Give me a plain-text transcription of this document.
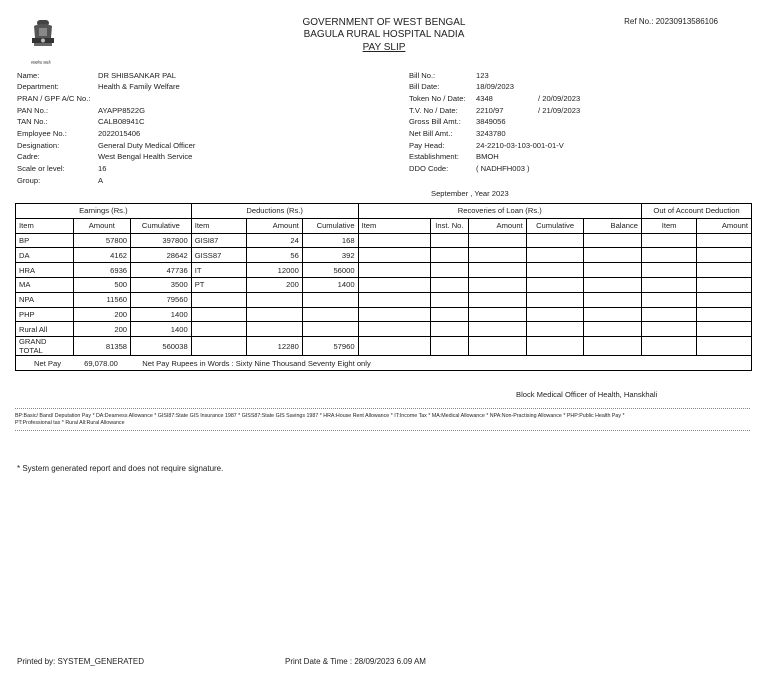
सत्यमेव जयते
GOVERNMENT OF WEST BENGAL
BAGULA RURAL HOSPITAL NADIA
PAY SLIP
Ref No.: 20230913586106
Name:	DR SHIBSANKAR PAL
Department:	Health & Family Welfare
PRAN / GPF A/C No.:
PAN No.:	AYAPP8522G
TAN No.:	CALB08941C
Employee No.:	2022015406
Designation:	General Duty Medical Officer
Cadre:	West Bengal Health Service
Scale or level:	16
Group:	A
Bill No.:	123
Bill Date:	18/09/2023
Token No / Date: 4348	/ 20/09/2023
T.V. No / Date: 2210/97	/ 21/09/2023
Gross Bill Amt.: 3849056
Net Bill Amt.:	3243780
Pay Head:	24-2210-03-103-001-01-V
Establishment: BMOH
DDO Code:	( NADHFH003 )
September , Year 2023
Earnings (Rs.)			Deductions (Rs.)			Recoveries of Loan (Rs.)					Out of Account Deduction	
Item	Amount	Cumulative	Item	Amount	Cumulative	Item	Inst. No.	Amount	Cumulative	Balance	Item	Amount
BP	57800	397800	GISI87	24	168							
DA	4162	28642	GISS87	56	392							
HRA	6936	47736	IT	12000	56000							
MA	500	3500	PT	200	1400							
NPA	11560	79560										
PHP	200	1400										
Rural All	200	1400										
GRAND TOTAL	81358	560038		12280	57960							
Net Pay 69,078.00 Net Pay Rupees in Words : Sixty Nine Thousand Seventy Eight only												
Block Medical Officer of Health, Hanskhali
BP:Basic/ Band/ Deputation Pay * DA:Dearness Allowance * GISI87:State GIS Insurance 1987 * GISS87:State GIS Savings 1987 * HRA:House Rent Allowance * IT:Income Tax * MA:Medical Allowance * NPA:Non-Practising Allowance * PHP:Public Health Pay *
PT:Professional tax * Rural All:Rural Allowance
* System generated report and does not require signature.
Printed by: SYSTEM_GENERATED	Print Date & Time : 28/09/2023 6.09 AM
